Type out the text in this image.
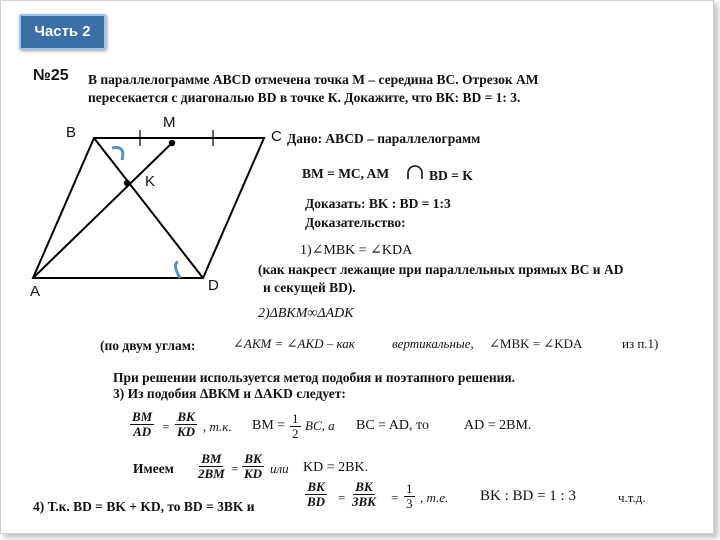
Часть 2
№25 В параллелограмме ABCD отмечена точка М – середина ВС. Отрезок АМ
пересекается с диагональю ВD в точке К. Докажите, что ВК: ВD = 1: 3.
B
M
C
K
A	D
Дано: ABCD – параллелограмм
BM = MC, AM	BD = K
Доказать: BK : BD = 1:3
Доказательство:
1)∠MBK = ∠KDA
(как накрест лежащие при параллельных прямых ВС и АD
и секущей ВD).
2)ΔBKM∞ΔADK
(по двум углам:	∠AKM = ∠AKD – как	вертикальные, ∠MBK = ∠KDA	из п.1)
При решении используется метод подобия и поэтапного решения.
3) Из подобия ΔВКМ и ΔAKD следует:
$\frac{BM}{AD} = \frac{BK}{KD}$ , т.к. BM = $\frac{1}{2}$ BC, а BC = AD, то	AD = 2BM.
Имеем $\frac{BM}{2BM} = \frac{BK}{KD}$ или KD = 2BK.
4) Т.к. BD = BK + KD, то BD = 3BK и	$\frac{BK}{BD} = \frac{BK}{3BK} = \frac{1}{3}$ , т.е. BK : BD = 1 : 3	ч.т.д.
